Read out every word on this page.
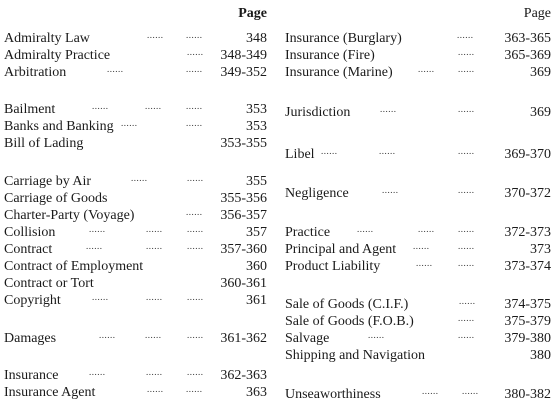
Page
Admiralty Law	......	......	348
Admiralty Practice	...... 348-349
Arbitration	......	...... 349-352
Bailment	......	......	......	353
Banks and Banking ......	......	353
Bill of Lading	353-355
Carriage by Air	......	......	355
Carriage of Goods	355-356
Charter-Party (Voyage)	...... 356-357
Collision	......	......	......	357
Contract	......	......	...... 357-360
Contract of Employment	360
Contract or Tort	360-361
Copyright	......	......	......	361
Damages	......	......	...... 361-362
Insurance	......	......	...... 362-363
Insurance Agent	......	......	363
Page
Insurance (Burglary)	...... 363-365
Insurance (Fire)	...... 365-369
Insurance (Marine)	......	......	369
Jurisdiction	......	......	369
Libel ......	......	...... 369-370
Negligence	......	...... 370-372
Practice	......	......	...... 372-373
Principal and Agent ......	......	373
Product Liability	......	...... 373-374
Sale of Goods (C.I.F.)	...... 374-375
Sale of Goods (F.O.B.)	...... 375-379
Salvage	......	...... 379-380
Shipping and Navigation	380
Unseaworthiness	......	...... 380-382
